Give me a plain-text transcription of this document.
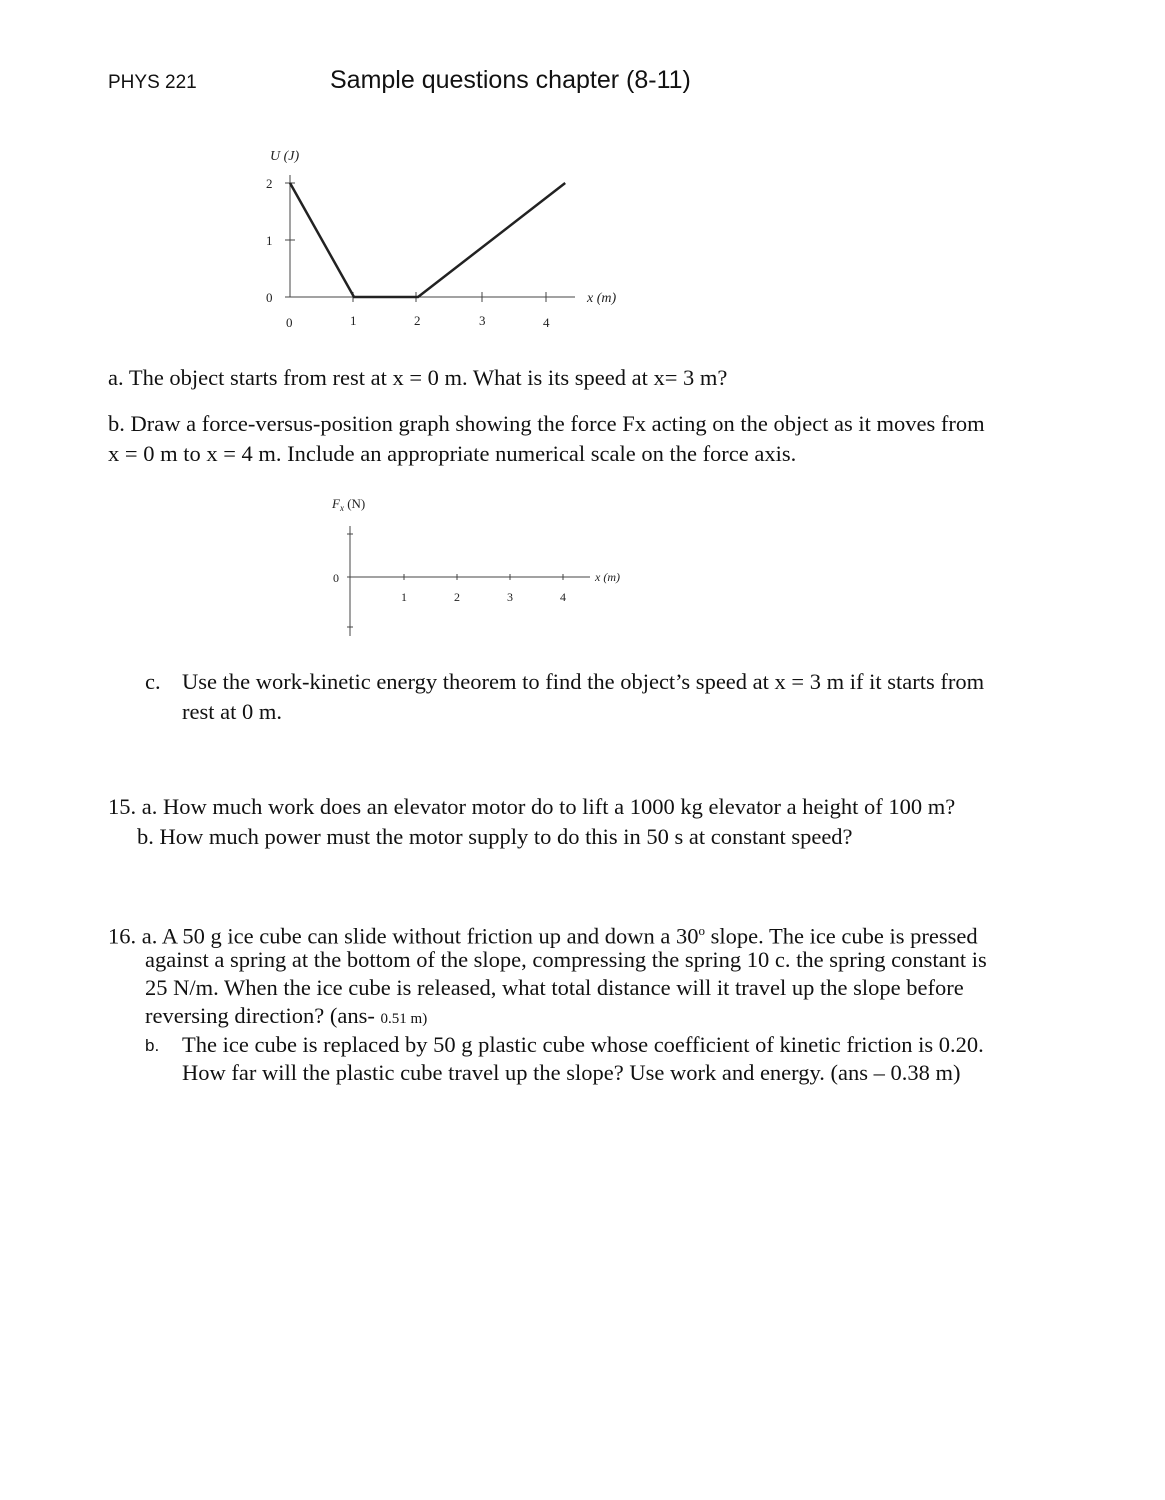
PHYS 221	Sample questions chapter (8-11)
U (J)
0
1
2
0	1	2	3	4
x (m)
a. The object starts from rest at x = 0 m. What is its speed at x= 3 m?
b. Draw a force-versus-position graph showing the force Fx acting on the object as it moves from
x = 0 m to x = 4 m. Include an appropriate numerical scale on the force axis.
$F_x$ (N)
0
1	2	3	4
x (m)
c. Use the work-kinetic energy theorem to find the object’s speed at x = 3 m if it starts from
rest at 0 m.
15. a. How much work does an elevator motor do to lift a 1000 kg elevator a height of 100 m?
b. How much power must the motor supply to do this in 50 s at constant speed?
16. a. A 50 g ice cube can slide without friction up and down a 30$^o$ slope. The ice cube is pressed
against a spring at the bottom of the slope, compressing the spring 10 c. the spring constant is
25 N/m. When the ice cube is released, what total distance will it travel up the slope before
reversing direction? (ans- 0.51 m)
b. The ice cube is replaced by 50 g plastic cube whose coefficient of kinetic friction is 0.20.
How far will the plastic cube travel up the slope? Use work and energy. (ans – 0.38 m)
